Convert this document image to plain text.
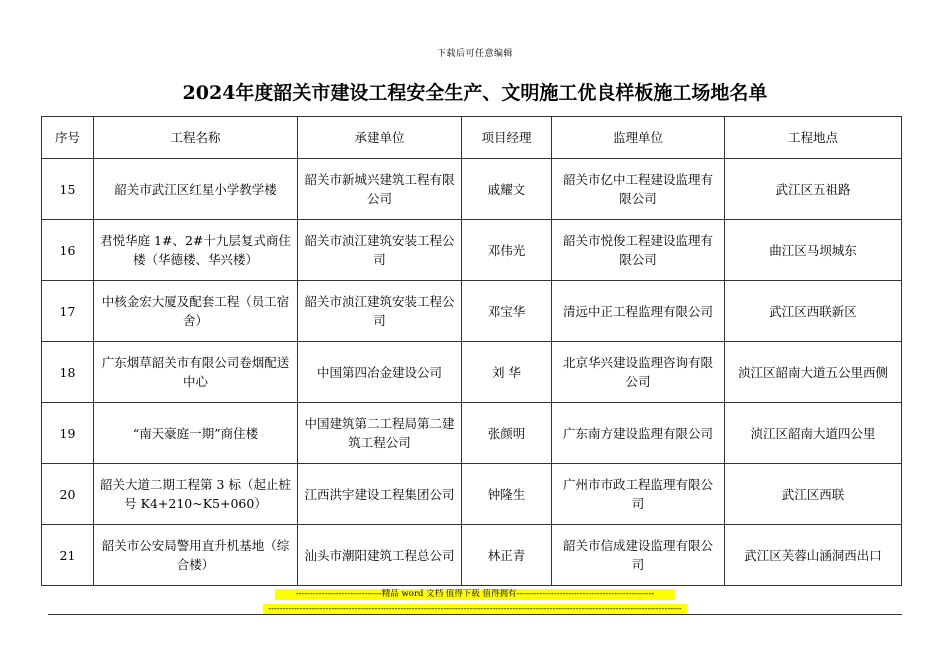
下载后可任意编辑
2024年度韶关市建设工程安全生产、文明施工优良样板施工场地名单
序号	工程名称	承建单位	项目经理	监理单位	工程地点
15	韶关市武江区红星小学教学楼	韶关市新城兴建筑工程有限公司	戚耀文	韶关市亿中工程建设监理有限公司	武江区五祖路
16	君悦华庭 1#、2#十九层复式商住楼（华德楼、华兴楼）	韶关市浈江建筑安装工程公司	邓伟光	韶关市悦俊工程建设监理有限公司	曲江区马坝城东
17	中核金宏大厦及配套工程（员工宿舍）	韶关市浈江建筑安装工程公司	邓宝华	清远中正工程监理有限公司	武江区西联新区
18	广东烟草韶关市有限公司卷烟配送中心	中国第四冶金建设公司	刘 华	北京华兴建设监理咨询有限公司	浈江区韶南大道五公里西侧
19	“南天豪庭一期”商住楼	中国建筑第二工程局第二建筑工程公司	张颜明	广东南方建设监理有限公司	浈江区韶南大道四公里
20	韶关大道二期工程第 3 标（起止桩号 K4+210~K5+060）	江西洪宇建设工程集团公司	钟隆生	广州市市政工程监理有限公司	武江区西联
21	韶关市公安局警用直升机基地（综合楼）	汕头市潮阳建筑工程总公司	林正青	韶关市信成建设监理有限公司	武江区芙蓉山涵洞西出口
------------------------------精品 word 文档 值得下载 值得拥有------------------------------------------------
------------------------------------------------------------------------------------------------------------------------------------------------
